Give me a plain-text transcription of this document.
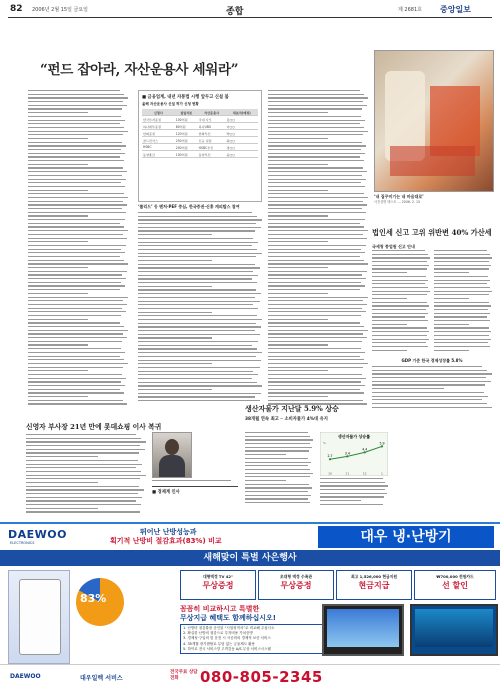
82 2006년 2월 15일 금요일	종합	제 2681호 중앙일보
“펀드 잡아라, 자산운용사 세워라”
■ 금융업계, 내년 자통법 시행 앞두고 신설 붐
올해 자산운용사 신설 허가 신청 현황
신청사	설립자본	자산운용사	대표자(예정)
한국투자증권	100억원	국내 사모	김○○
하나대투증권	80억원	하나UBS	이○○
한화증권	120억원	한화투신	박○○
골드만삭스	250억원	신규 설립	최○○
HSBC	200억원	HSBC투신	정○○
동양종금	100억원	동양투신	윤○○
‘쏠리드’ 등 벤처·PEF 중심, 한국증권·신흥 캐피탈스 참여
‘내 집꾸미기는 내 마음대로’
사진설명 텍스트 … 2006. 2. 15
법인세 신고 고위 위반변 40% 가산세
국세청 종업원 신고 안내
GDP 기준 한국 경제성장률 5.8%
신영자 부사장 21년 만에 롯데쇼핑 이사 복귀
■ 경제계 인사
생산자물가 지난달 5.9% 상승
38개월 연속 최고 ─ 소비자물가 4%대 유지
생산자물가 상승률
%
2.7
10
3.4
11
4.4
12
5.9
1
DAEWOO
ELECTRONICS
뛰어난 난방성능과
획기적 난방비 절감효과(83%) 비교	대우 냉·난방기
새해맞이 특별 사은행사
대형액정 TV 42"
무상증정
초대형 액정 수족관
무상증정
최고 1,526,000 현금지원
현금지급
₩700,000 전원카드
선 할인
83%
꼼꼼히 비교하시고 특별한
무상지급 혜택도 함께하십시오!
1. 난방비 절감률을 공인된 “시험성적서”로 비교해 주십시오
2. 확실한 난방비 절감으로 투자비용 가치증명
3. 경제성·구입비 및 운전 시 시공비의 경제적 보증 서비스
4. 35개월 장기렌탈로 무담 없는 금융제도 활용
5. 하이로 전국 서비스망 고객감동 A/S 무상 서비스시스템
DAEWOO	대우일렉 서비스
전국무료 상담전화	080-805-2345
